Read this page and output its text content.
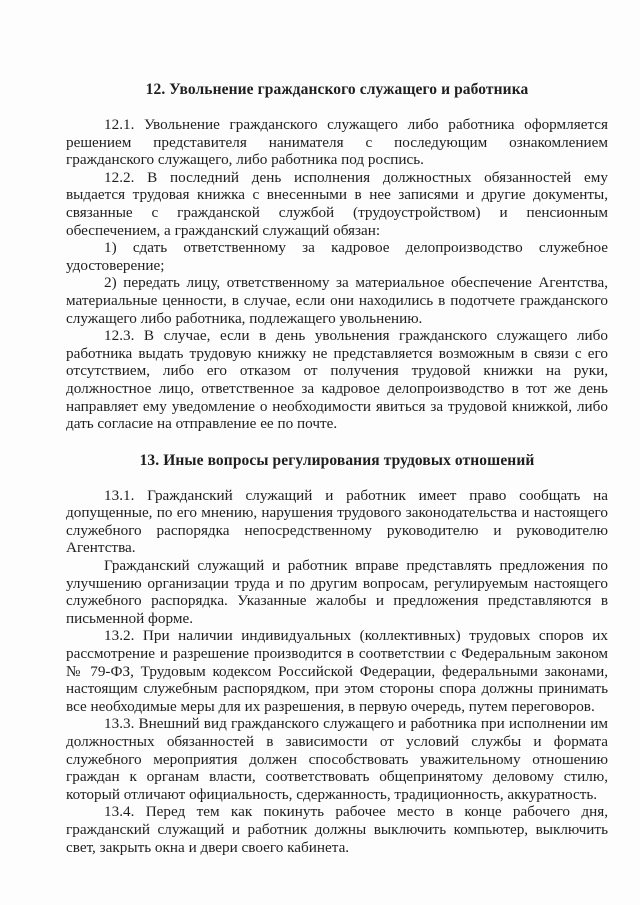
12. Увольнение гражданского служащего и работника

12.1. Увольнение гражданского служащего либо работника оформляется решением представителя нанимателя с последующим ознакомлением гражданского служащего, либо работника под роспись.

12.2. В последний день исполнения должностных обязанностей ему выдается трудовая книжка с внесенными в нее записями и другие документы, связанные с гражданской службой (трудоустройством) и пенсионным обеспечением, а гражданский служащий обязан:

1) сдать ответственному за кадровое делопроизводство служебное удостоверение;

2) передать лицу, ответственному за материальное обеспечение Агентства, материальные ценности, в случае, если они находились в подотчете гражданского служащего либо работника, подлежащего увольнению.

12.3. В случае, если в день увольнения гражданского служащего либо работника выдать трудовую книжку не представляется возможным в связи с его отсутствием, либо его отказом от получения трудовой книжки на руки, должностное лицо, ответственное за кадровое делопроизводство в тот же день направляет ему уведомление о необходимости явиться за трудовой книжкой, либо дать согласие на отправление ее по почте.

13. Иные вопросы регулирования трудовых отношений

13.1. Гражданский служащий и работник имеет право сообщать на допущенные, по его мнению, нарушения трудового законодательства и настоящего служебного распорядка непосредственному руководителю и руководителю Агентства.

Гражданский служащий и работник вправе представлять предложения по улучшению организации труда и по другим вопросам, регулируемым настоящего служебного распорядка. Указанные жалобы и предложения представляются в письменной форме.

13.2. При наличии индивидуальных (коллективных) трудовых споров их рассмотрение и разрешение производится в соответствии с Федеральным законом № 79-ФЗ, Трудовым кодексом Российской Федерации, федеральными законами, настоящим служебным распорядком, при этом стороны спора должны принимать все необходимые меры для их разрешения, в первую очередь, путем переговоров.

13.3. Внешний вид гражданского служащего и работника при исполнении им должностных обязанностей в зависимости от условий службы и формата служебного мероприятия должен способствовать уважительному отношению граждан к органам власти, соответствовать общепринятому деловому стилю, который отличают официальность, сдержанность, традиционность, аккуратность.

13.4. Перед тем как покинуть рабочее место в конце рабочего дня, гражданский служащий и работник должны выключить компьютер, выключить свет, закрыть окна и двери своего кабинета.
